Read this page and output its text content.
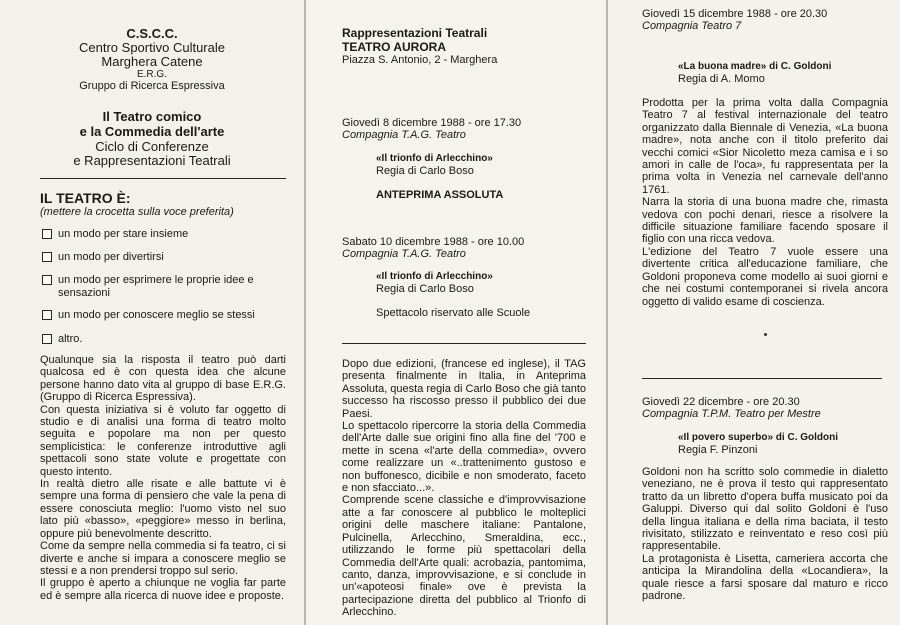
C.S.C.C.

Centro Sportivo Culturale

Marghera Catene

E.R.G.

Gruppo di Ricerca Espressiva

Il Teatro comico

e la Commedia dell'arte

Ciclo di Conferenze

e Rappresentazioni Teatrali

IL TEATRO È:

(mettere la crocetta sulla voce preferita)

un modo per stare insieme
un modo per divertirsi
un modo per esprimere le proprie idee e sensazioni
un modo per conoscere meglio se stessi
altro.

Qualunque sia la risposta il teatro può darti qualcosa ed è con questa idea che alcune persone hanno dato vita al gruppo di base E.R.G. (Gruppo di Ricerca Espressiva).
Con questa iniziativa si è voluto far oggetto di studio e di analisi una forma di teatro molto seguita e popolare ma non per questo semplicistica: le conferenze introduttive agli spettacoli sono state volute e progettate con questo intento.
In realtà dietro alle risate e alle battute vi è sempre una forma di pensiero che vale la pena di essere conosciuta meglio: l'uomo visto nel suo lato più «basso», «peggiore» messo in berlina, oppure più benevolmente descritto.
Come da sempre nella commedia si fa teatro, ci si diverte e anche si impara a conoscere meglio se stessi e a non prendersi troppo sul serio.
Il gruppo è aperto a chiunque ne voglia far parte ed è sempre alla ricerca di nuove idee e proposte.

Rappresentazioni Teatrali

TEATRO AURORA

Piazza S. Antonio, 2 - Marghera

Giovedì 8 dicembre 1988 - ore 17.30

Compagnia T.A.G. Teatro

«Il trionfo di Arlecchino»

Regia di Carlo Boso

ANTEPRIMA ASSOLUTA

Sabato 10 dicembre 1988 - ore 10.00

Compagnia T.A.G. Teatro

«Il trionfo di Arlecchino»

Regia di Carlo Boso

Spettacolo riservato alle Scuole

Dopo due edizioni, (francese ed inglese), il TAG presenta finalmente in Italia, in Anteprima Assoluta, questa regia di Carlo Boso che già tanto successo ha riscosso presso il pubblico dei due Paesi.
Lo spettacolo ripercorre la storia della Commedia dell'Arte dalle sue origini fino alla fine del '700 e mette in scena «l'arte della commedia», ovvero come realizzare un «..trattenimento gustoso e non buffonesco, dicibile e non smoderato, faceto e non sfacciato...».
Comprende scene classiche e d'improvvisazione atte a far conoscere al pubblico le molteplici origini delle maschere italiane: Pantalone, Pulcinella, Arlecchino, Smeraldina, ecc., utilizzando le forme più spettacolari della Commedia dell'Arte quali: acrobazia, pantomima, canto, danza, improvvisazione, e si conclude in un'«apoteosi finale» ove è prevista la partecipazione diretta del pubblico al Trionfo di Arlecchino.

Giovedì 15 dicembre 1988 - ore 20.30

Compagnia Teatro 7

«La buona madre» di C. Goldoni

Regia di A. Momo

Prodotta per la prima volta dalla Compagnia Teatro 7 al festival internazionale del teatro organizzato dalla Biennale di Venezia, «La buona madre», nota anche con il titolo preferito dai vecchi comici «Sior Nicoletto meza camisa e i so amori in calle de l'oca», fu rappresentata per la prima volta in Venezia nel carnevale dell'anno 1761.
Narra la storia di una buona madre che, rimasta vedova con pochi denari, riesce a risolvere la difficile situazione familiare facendo sposare il figlio con una ricca vedova.
L'edizione del Teatro 7 vuole essere una divertente critica all'educazione familiare, che Goldoni proponeva come modello ai suoi giorni e che nei costumi contemporanei si rivela ancora oggetto di valido esame di coscienza.

Giovedì 22 dicembre - ore 20.30

Compagnia T.P.M. Teatro per Mestre

«Il povero superbo» di C. Goldoni

Regia F. Pinzoni

Goldoni non ha scritto solo commedie in dialetto veneziano, ne è prova il testo qui rappresentato tratto da un libretto d'opera buffa musicato poi da Galuppi. Diverso qui dal solito Goldoni è l'uso della lingua italiana e della rima baciata, il testo rivisitato, stilizzato e reinventato e reso così più rappresentabile.
La protagonista è Lisetta, cameriera accorta che anticipa la Mirandolina della «Locandiera», la quale riesce a farsi sposare dal maturo e ricco padrone.
